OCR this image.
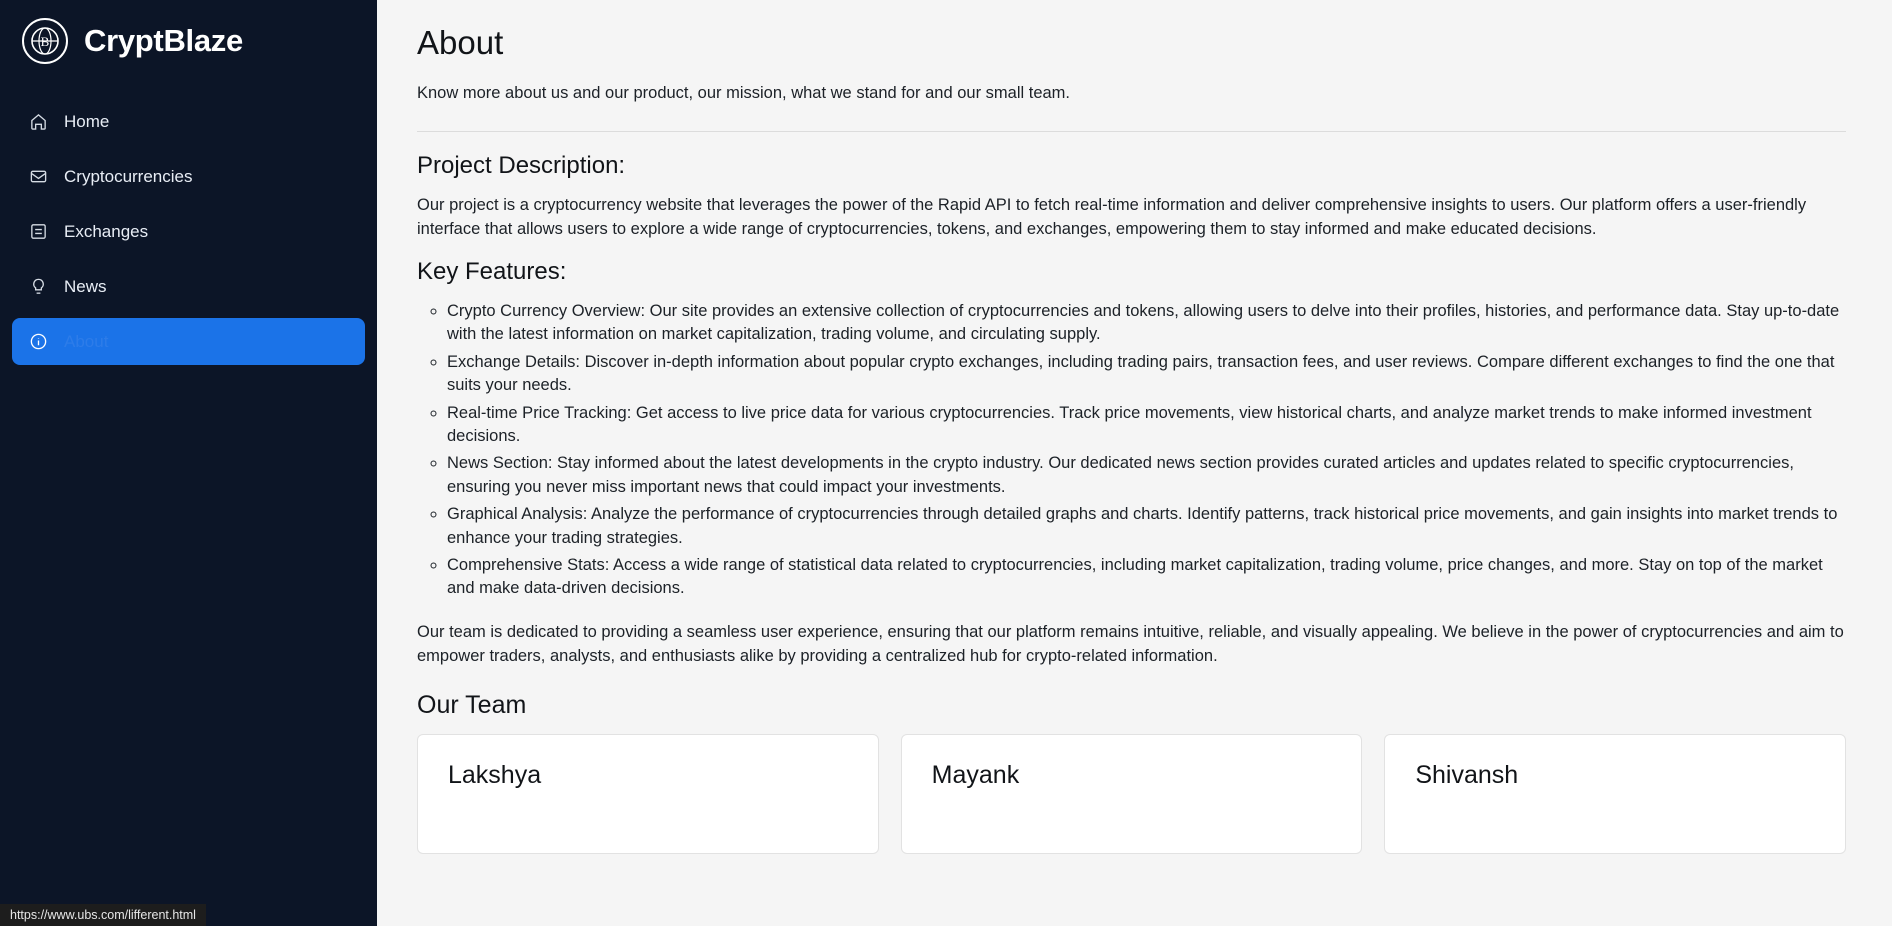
B CryptBlaze
Home
Cryptocurrencies
Exchanges
News
About
About

Know more about us and our product, our mission, what we stand for and our small team.

Project Description:

Our project is a cryptocurrency website that leverages the power of the Rapid API to fetch real-time information and deliver comprehensive insights to users. Our platform offers a user-friendly interface that allows users to explore a wide range of cryptocurrencies, tokens, and exchanges, empowering them to stay informed and make educated decisions.

Key Features:
◦ Crypto Currency Overview: Our site provides an extensive collection of cryptocurrencies and tokens, allowing users to delve into their profiles, histories, and performance data. Stay up-to-date with the latest information on market capitalization, trading volume, and circulating supply.
◦ Exchange Details: Discover in-depth information about popular crypto exchanges, including trading pairs, transaction fees, and user reviews. Compare different exchanges to find the one that suits your needs.
◦ Real-time Price Tracking: Get access to live price data for various cryptocurrencies. Track price movements, view historical charts, and analyze market trends to make informed investment decisions.
◦ News Section: Stay informed about the latest developments in the crypto industry. Our dedicated news section provides curated articles and updates related to specific cryptocurrencies, ensuring you never miss important news that could impact your investments.
◦ Graphical Analysis: Analyze the performance of cryptocurrencies through detailed graphs and charts. Identify patterns, track historical price movements, and gain insights into market trends to enhance your trading strategies.
◦ Comprehensive Stats: Access a wide range of statistical data related to cryptocurrencies, including market capitalization, trading volume, price changes, and more. Stay on top of the market and make data-driven decisions.

Our team is dedicated to providing a seamless user experience, ensuring that our platform remains intuitive, reliable, and visually appealing. We believe in the power of cryptocurrencies and aim to empower traders, analysts, and enthusiasts alike by providing a centralized hub for crypto-related information.

Our Team
Lakshya	Mayank	Shivansh
https://www.ubs.com/lifferent.html
